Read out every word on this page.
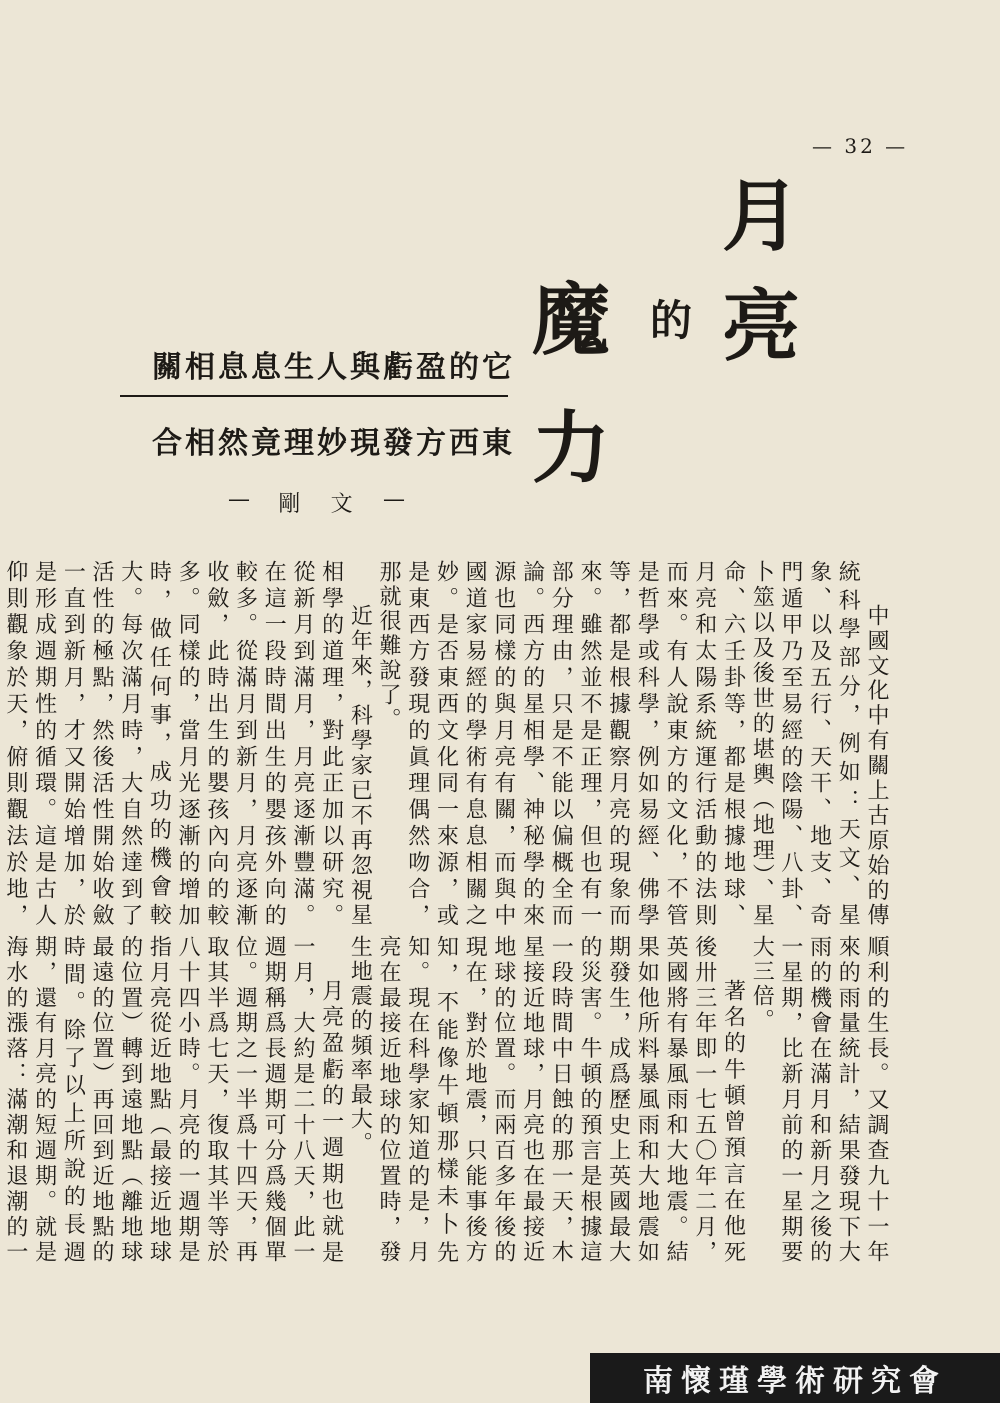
— 32 —
月
亮
的
魔
力
它的盈虧與人生息息相關
東西方發現妙理竟然相合
— 剛 文 —

中國文化中有關上古原始的傳統科學部分，例如：天文、星象、以及五行、天干、地支、奇門遁甲乃至易經的陰陽、八卦、卜筮以及後世的堪輿（地理）、星命、六壬卦等，都是根據地球、月亮和太陽系統運行活動的法則而來。有人說東方的文化，不管是哲學或科學，例如易經、佛學等，都是根據觀察月亮的現象而來。雖然並不是正理，但也有一部分理由，只是不能以偏概全而論。西方的星相學、神秘學的來源也同樣的與月亮有關，而與中國道家易經的學術有息息相關之妙。是否東西文化同一來源，或是東西方發現的眞理偶然吻合，那就很難說了。

近年來，科學家已不再忽視星相學的道理，對此正加以研究。從新月到滿月，月亮逐漸豐滿。在這一段時間出生的嬰孩外向的較多。從滿月到新月，月亮逐漸收斂，此時出生的嬰孩內向的較多。同樣的，當月光逐漸的增加時，做任何事，成功的機會較大。每次滿月時，大自然達到了活性的極點，然後活性開始收斂一直到新月，才又開始增加，於是形成週期性的循環。這是古人仰則觀象於天，俯則觀法於地，

順利的生長。又調查九十一年來的雨量統計，結果發現下大雨的機會在滿月和新月之後的一星期，比新月前的一星期要大三倍。

著名的牛頓曾預言在他死後卅三年即一七五〇年二月，英國將有暴風雨和大地震。結果如他所料暴風雨和大地震如期發生，成爲歷史上英國最大的災害。牛頓的預言是根據這一段時間中日蝕的那一天，木星接近地球，月亮也在最接近地球的位置。而兩百多年後的現在，對於地震，只能事後方知，不能像牛頓那樣未卜先知。現在科學家知道的是，月亮在最接近地球的位置時，發生地震的頻率最大。

月亮盈虧的一週期也就是一月，大約是二十八天，此一週期稱爲長週期可分爲幾個單位。週期之一半爲十四天，再取其半爲七天，復取其半等於八十四小時。月亮的一週期是指月亮從近地點（最接近地球的位置）轉到遠地點（離地球最遠的位置）再回到近地點的時間。除了以上所說的長週期，還有月亮的短週期。就是海水的漲落：滿潮和退潮的一

南懷瑾學術研究會
